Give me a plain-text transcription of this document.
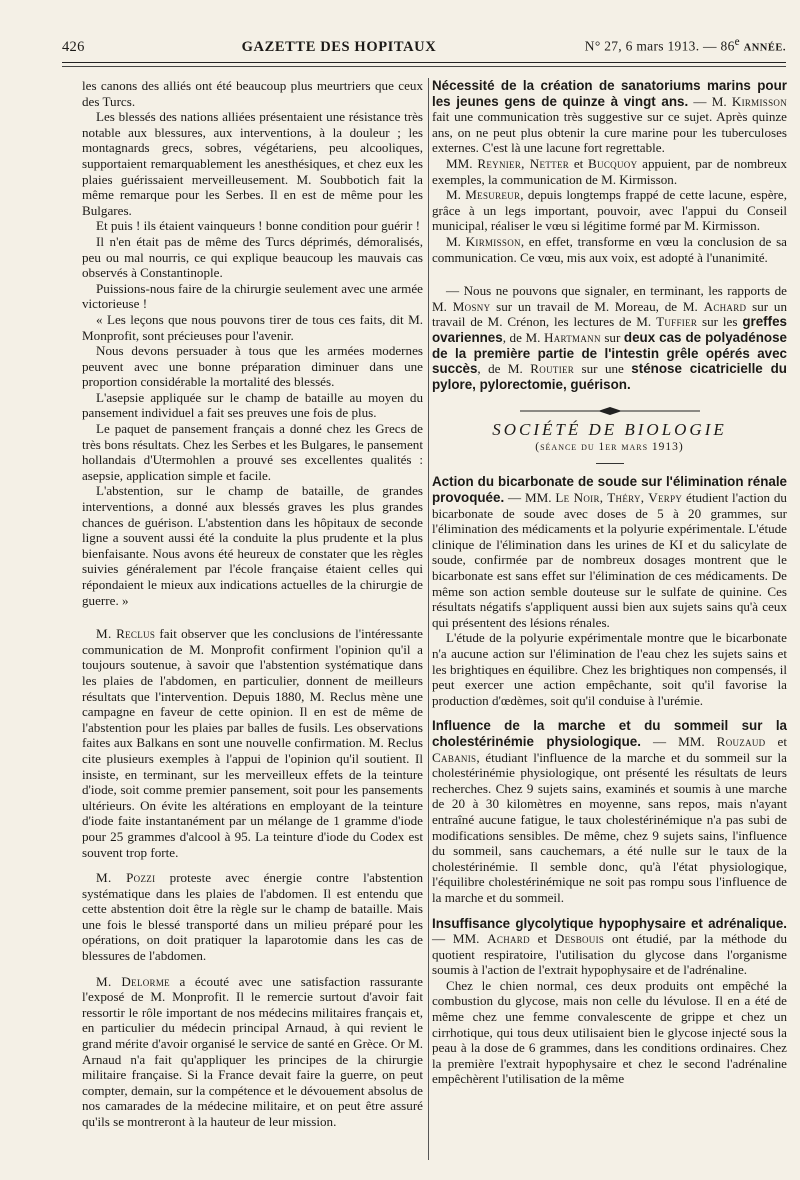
426	GAZETTE DES HOPITAUX	N° 27, 6 mars 1913. — 86e ANNÉE.

les canons des alliés ont été beaucoup plus meurtriers que ceux des Turcs.

Les blessés des nations alliées présentaient une résistance très notable aux blessures, aux interventions, à la douleur ; les montagnards grecs, sobres, végétariens, peu alcooliques, supportaient remarquablement les anesthésiques, et chez eux les plaies guérissaient merveilleusement. M. Soubbotich fait la même remarque pour les Serbes. Il en est de même pour les Bulgares.

Et puis ! ils étaient vainqueurs ! bonne condition pour guérir !

Il n'en était pas de même des Turcs déprimés, démoralisés, peu ou mal nourris, ce qui explique beaucoup les mauvais cas observés à Constantinople.

Puissions-nous faire de la chirurgie seulement avec une armée victorieuse !

« Les leçons que nous pouvons tirer de tous ces faits, dit M. Monprofit, sont précieuses pour l'avenir.

Nous devons persuader à tous que les armées modernes peuvent avec une bonne préparation diminuer dans une proportion considérable la mortalité des blessés.

L'asepsie appliquée sur le champ de bataille au moyen du pansement individuel a fait ses preuves une fois de plus.

Le paquet de pansement français a donné chez les Grecs de très bons résultats. Chez les Serbes et les Bulgares, le pansement hollandais d'Utermohlen a prouvé ses excellentes qualités : asepsie, application simple et facile.

L'abstention, sur le champ de bataille, de grandes interventions, a donné aux blessés graves les plus grandes chances de guérison. L'abstention dans les hôpitaux de seconde ligne a souvent aussi été la conduite la plus prudente et la plus bienfaisante. Nous avons été heureux de constater que les règles suivies généralement par l'école française étaient celles qui répondaient le mieux aux indications actuelles de la chirurgie de guerre. »

M. Reclus fait observer que les conclusions de l'intéressante communication de M. Monprofit confirment l'opinion qu'il a toujours soutenue, à savoir que l'abstention systématique dans les plaies de l'abdomen, en particulier, donnent de meilleurs résultats que l'intervention. Depuis 1880, M. Reclus mène une campagne en faveur de cette opinion. Il en est de même de l'abstention pour les plaies par balles de fusils. Les observations faites aux Balkans en sont une nouvelle confirmation. M. Reclus cite plusieurs exemples à l'appui de l'opinion qu'il soutient. Il insiste, en terminant, sur les merveilleux effets de la teinture d'iode, soit comme premier pansement, soit pour les pansements ultérieurs. On évite les altérations en employant de la teinture d'iode faite instantanément par un mélange de 1 gramme d'iode pour 25 grammes d'alcool à 95. La teinture d'iode du Codex est souvent trop forte.

M. Pozzi proteste avec énergie contre l'abstention systématique dans les plaies de l'abdomen. Il est entendu que cette abstention doit être la règle sur le champ de bataille. Mais une fois le blessé transporté dans un milieu préparé pour les opérations, on doit pratiquer la laparotomie dans les cas de blessures de l'abdomen.

M. Delorme a écouté avec une satisfaction rassurante l'exposé de M. Monprofit. Il le remercie surtout d'avoir fait ressortir le rôle important de nos médecins militaires français et, en particulier du médecin principal Arnaud, à qui revient le grand mérite d'avoir organisé le service de santé en Grèce. Or M. Arnaud n'a fait qu'appliquer les principes de la chirurgie militaire française. Si la France devait faire la guerre, on peut compter, demain, sur la compétence et le dévouement absolus de nos camarades de la médecine militaire, et on peut être assuré qu'ils se montreront à la hauteur de leur mission.

Nécessité de la création de sanatoriums marins pour les jeunes gens de quinze à vingt ans. — M. Kirmisson fait une communication très suggestive sur ce sujet. Après quinze ans, on ne peut plus obtenir la cure marine pour les tuberculoses externes. C'est là une lacune fort regrettable.

MM. Reynier, Netter et Bucquoy appuient, par de nombreux exemples, la communication de M. Kirmisson.

M. Mesureur, depuis longtemps frappé de cette lacune, espère, grâce à un legs important, pouvoir, avec l'appui du Conseil municipal, réaliser le vœu si légitime formé par M. Kirmisson.

M. Kirmisson, en effet, transforme en vœu la conclusion de sa communication. Ce vœu, mis aux voix, est adopté à l'unanimité.

— Nous ne pouvons que signaler, en terminant, les rapports de M. Mosny sur un travail de M. Moreau, de M. Achard sur un travail de M. Crénon, les lectures de M. Tuffier sur les greffes ovariennes, de M. Hartmann sur deux cas de polyadénose de la première partie de l'intestin grêle opérés avec succès, de M. Routier sur une sténose cicatricielle du pylore, pylorectomie, guérison.

SOCIÉTÉ DE BIOLOGIE
(séance du 1er mars 1913)

Action du bicarbonate de soude sur l'élimination rénale provoquée. — MM. Le Noir, Théry, Verpy étudient l'action du bicarbonate de soude avec doses de 5 à 20 grammes, sur l'élimination des médicaments et la polyurie expérimentale. L'étude clinique de l'élimination dans les urines de KI et du salicylate de soude, confirmée par de nombreux dosages montrent que le bicarbonate est sans effet sur l'élimination de ces médicaments. De même son action semble douteuse sur le sulfate de quinine. Ces résultats négatifs s'appliquent aussi bien aux sujets sains qu'à ceux qui présentent des lésions rénales.

L'étude de la polyurie expérimentale montre que le bicarbonate n'a aucune action sur l'élimination de l'eau chez les sujets sains et les brightiques en équilibre. Chez les brightiques non compensés, il peut exercer une action empêchante, soit qu'il favorise la production d'œdèmes, soit qu'il conduise à l'urémie.

Influence de la marche et du sommeil sur la cholestérinémie physiologique. — MM. Rouzaud et Cabanis, étudiant l'influence de la marche et du sommeil sur la cholestérinémie physiologique, ont présenté les résultats de leurs recherches. Chez 9 sujets sains, examinés et soumis à une marche de 20 à 30 kilomètres en moyenne, sans repos, mais n'ayant entraîné aucune fatigue, le taux cholestérinémique n'a pas subi de modifications sensibles. De même, chez 9 sujets sains, l'influence du sommeil, sans cauchemars, a été nulle sur le taux de la cholestérinémie. Il semble donc, qu'à l'état physiologique, l'équilibre cholestérinémique ne soit pas rompu sous l'influence de la marche et du sommeil.

Insuffisance glycolytique hypophysaire et adrénalique. — MM. Achard et Desbouis ont étudié, par la méthode du quotient respiratoire, l'utilisation du glycose dans l'organisme soumis à l'action de l'extrait hypophysaire et de l'adrénaline.

Chez le chien normal, ces deux produits ont empêché la combustion du glycose, mais non celle du lévulose. Il en a été de même chez une femme convalescente de grippe et chez un cirrhotique, qui tous deux utilisaient bien le glycose injecté sous la peau à la dose de 6 grammes, dans les conditions ordinaires. Chez la première l'extrait hypophysaire et chez le second l'adrénaline empêchèrent l'utilisation de la même
